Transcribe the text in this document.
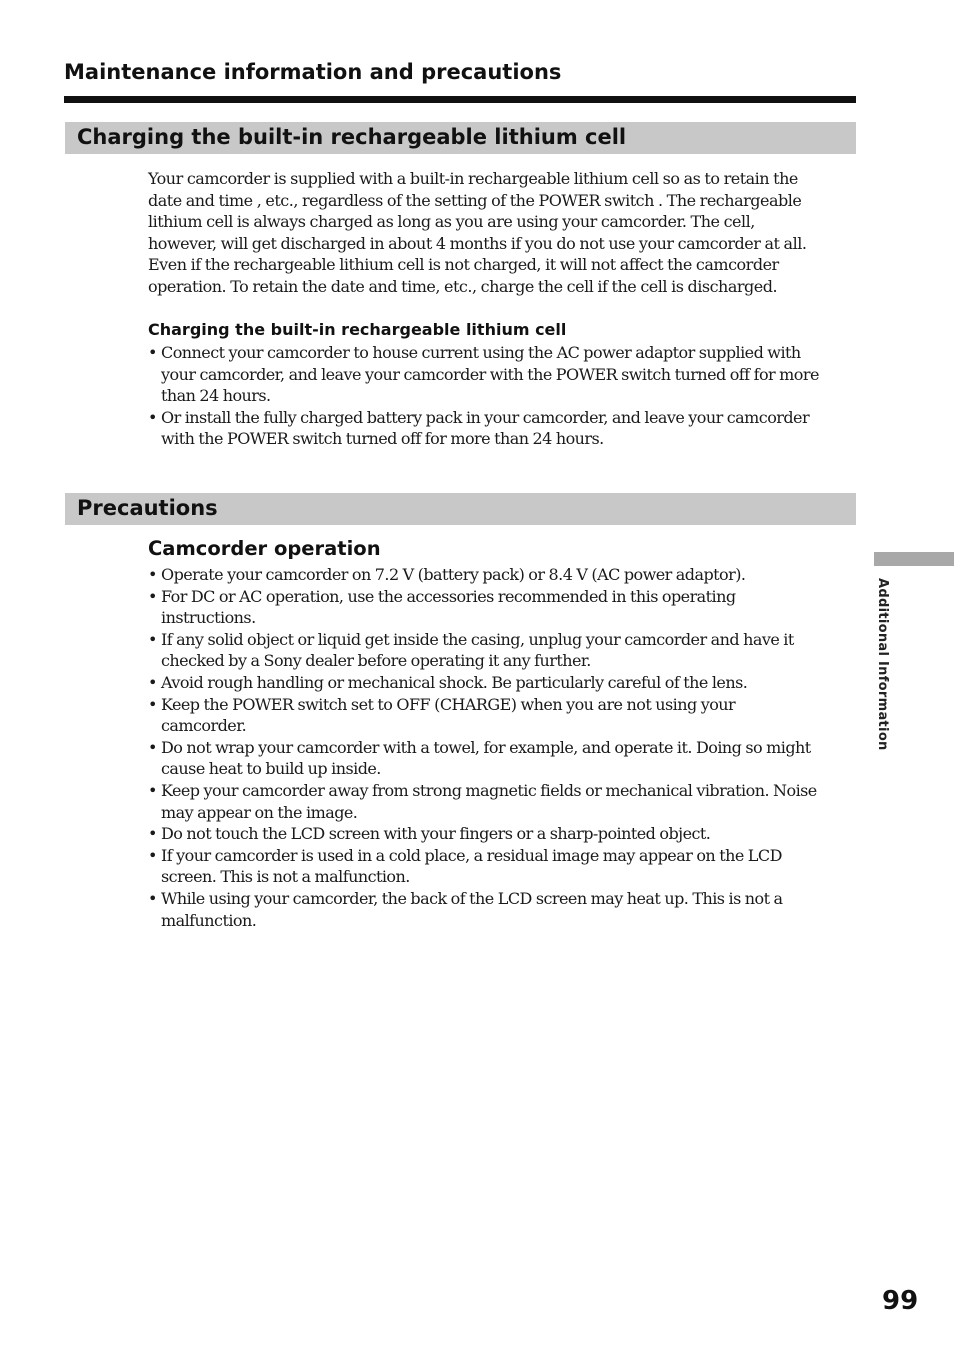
Maintenance information and precautions
Charging the built-in rechargeable lithium cell

Your camcorder is supplied with a built-in rechargeable lithium cell so as to retain the date and time , etc., regardless of the setting of the POWER switch . The rechargeable lithium cell is always charged as long as you are using your camcorder. The cell, however, will get discharged in about 4 months if you do not use your camcorder at all. Even if the rechargeable lithium cell is not charged, it will not affect the camcorder operation. To retain the date and time, etc., charge the cell if the cell is discharged.

Charging the built-in rechargeable lithium cell
• Connect your camcorder to house current using the AC power adaptor supplied with your camcorder, and leave your camcorder with the POWER switch turned off for more than 24 hours.
• Or install the fully charged battery pack in your camcorder, and leave your camcorder with the POWER switch turned off for more than 24 hours.
Precautions
Camcorder operation
• Operate your camcorder on 7.2 V (battery pack) or 8.4 V (AC power adaptor).
• For DC or AC operation, use the accessories recommended in this operating instructions.
• If any solid object or liquid get inside the casing, unplug your camcorder and have it checked by a Sony dealer before operating it any further.
• Avoid rough handling or mechanical shock. Be particularly careful of the lens.
• Keep the POWER switch set to OFF (CHARGE) when you are not using your camcorder.
• Do not wrap your camcorder with a towel, for example, and operate it. Doing so might cause heat to build up inside.
• Keep your camcorder away from strong magnetic fields or mechanical vibration. Noise may appear on the image.
• Do not touch the LCD screen with your fingers or a sharp-pointed object.
• If your camcorder is used in a cold place, a residual image may appear on the LCD screen. This is not a malfunction.
• While using your camcorder, the back of the LCD screen may heat up. This is not a malfunction.
Additional Information
99
